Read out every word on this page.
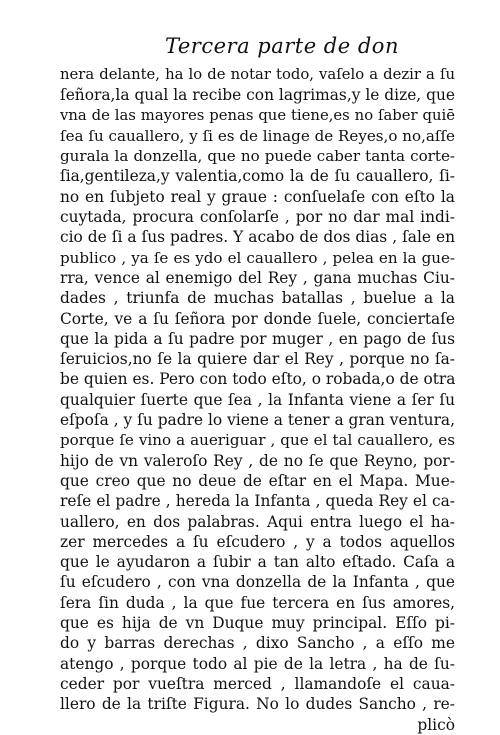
Tercera parte de don
nera delante, ha lo de notar todo, vaſelo a dezir a ſu
ſeñora,la qual la recibe con lagrimas,y le dize, que
vna de las mayores penas que tiene,es no ſaber quiē
ſea ſu cauallero, y ſi es de linage de Reyes,o no,aſſe
gurala la donzella, que no puede caber tanta corte-
ſia,gentileza,y valentia,como la de ſu cauallero, ſi-
no en ſubjeto real y graue : conſuelaſe con eſto la
cuytada, procura conſolarſe , por no dar mal indi-
cio de ſi a ſus padres. Y acabo de dos dias , ſale en
publico , ya ſe es ydo el cauallero , pelea en la gue-
rra, vence al enemigo del Rey , gana muchas Ciu-
dades , triunfa de muchas batallas , buelue a la
Corte, ve a ſu ſeñora por donde ſuele, conciertaſe
que la pida a ſu padre por muger , en pago de ſus
ſeruicios,no ſe la quiere dar el Rey , porque no ſa-
be quien es. Pero con todo eſto, o robada,o de otra
qualquier ſuerte que ſea , la Infanta viene a ſer ſu
eſpoſa , y ſu padre lo viene a tener a gran ventura,
porque ſe vino a aueriguar , que el tal cauallero, es
hijo de vn valeroſo Rey , de no ſe que Reyno, por-
que creo que no deue de eſtar en el Mapa. Mue-
reſe el padre , hereda la Infanta , queda Rey el ca-
uallero, en dos palabras. Aqui entra luego el ha-
zer mercedes a ſu eſcudero , y a todos aquellos
que le ayudaron a ſubir a tan alto eſtado. Caſa a
ſu eſcudero , con vna donzella de la Infanta , que
ſera ſin duda , la que fue tercera en ſus amores,
que es hija de vn Duque muy principal. Eſſo pi-
do y barras derechas , dixo Sancho , a eſſo me
atengo , porque todo al pie de la letra , ha de ſu-
ceder por vueſtra merced , llamandoſe el caua-
llero de la triſte Figura. No lo dudes Sancho , re-
plicò
